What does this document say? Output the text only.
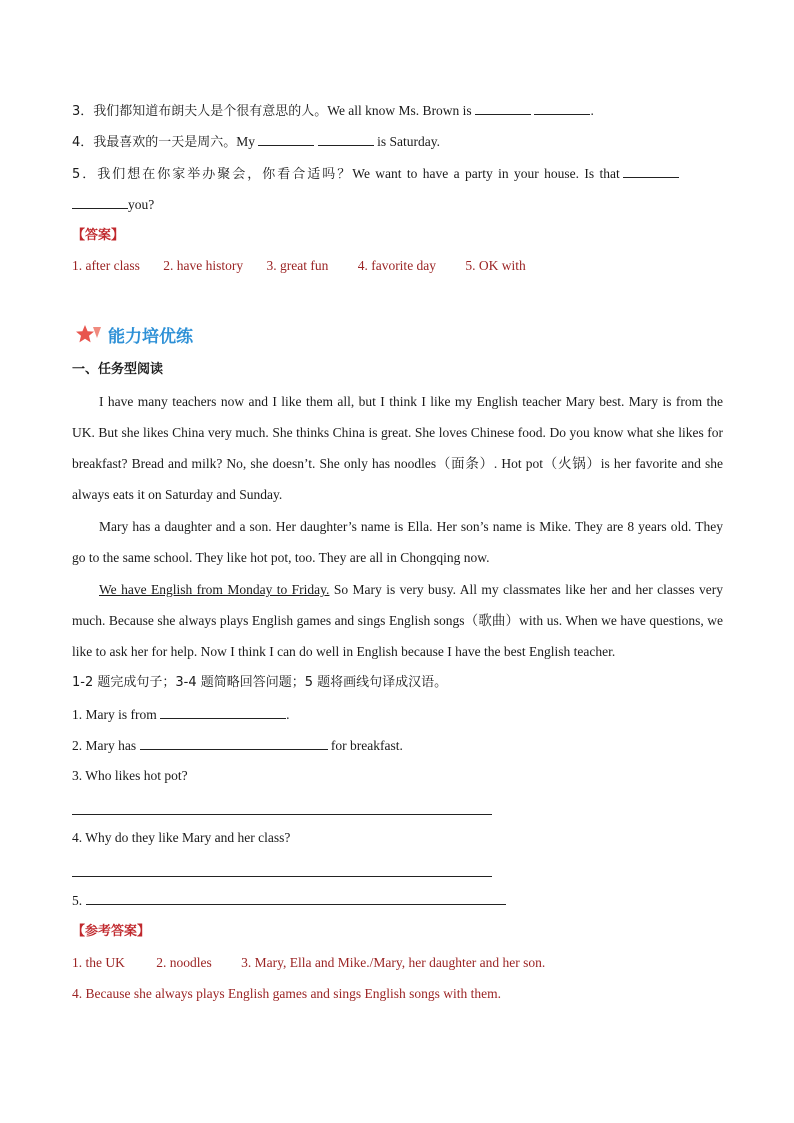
3．我们都知道布朗夫人是个很有意思的人。We all know Ms. Brown is	.
4．我最喜欢的一天是周六。My	is Saturday.
5．我们想在你家举办聚会，你看合适吗？We want to have a party in your house. Is that
you?
【答案】
1. after class 2. have history 3. great fun 4. favorite day 5. OK with
能力培优练
一、任务型阅读
I have many teachers now and I like them all, but I think I like my English teacher Mary best. Mary is from the UK. But she likes China very much. She thinks China is great. She loves Chinese food. Do you know what she likes for breakfast? Bread and milk? No, she doesn’t. She only has noodles（面条）. Hot pot（火锅）is her favorite and she always eats it on Saturday and Sunday.
Mary has a daughter and a son. Her daughter’s name is Ella. Her son’s name is Mike. They are 8 years old. They go to the same school. They like hot pot, too. They are all in Chongqing now.
We have English from Monday to Friday. So Mary is very busy. All my classmates like her and her classes very much. Because she always plays English games and sings English songs（歌曲）with us. When we have questions, we like to ask her for help. Now I think I can do well in English because I have the best English teacher.
1-2 题完成句子；3-4 题简略回答问题；5 题将画线句译成汉语。
1. Mary is from	.
2. Mary has	for breakfast.
3. Who likes hot pot?
4. Why do they like Mary and her class?
5.
【参考答案】
1. the UK 2. noodles 3. Mary, Ella and Mike./Mary, her daughter and her son.
4. Because she always plays English games and sings English songs with them.
